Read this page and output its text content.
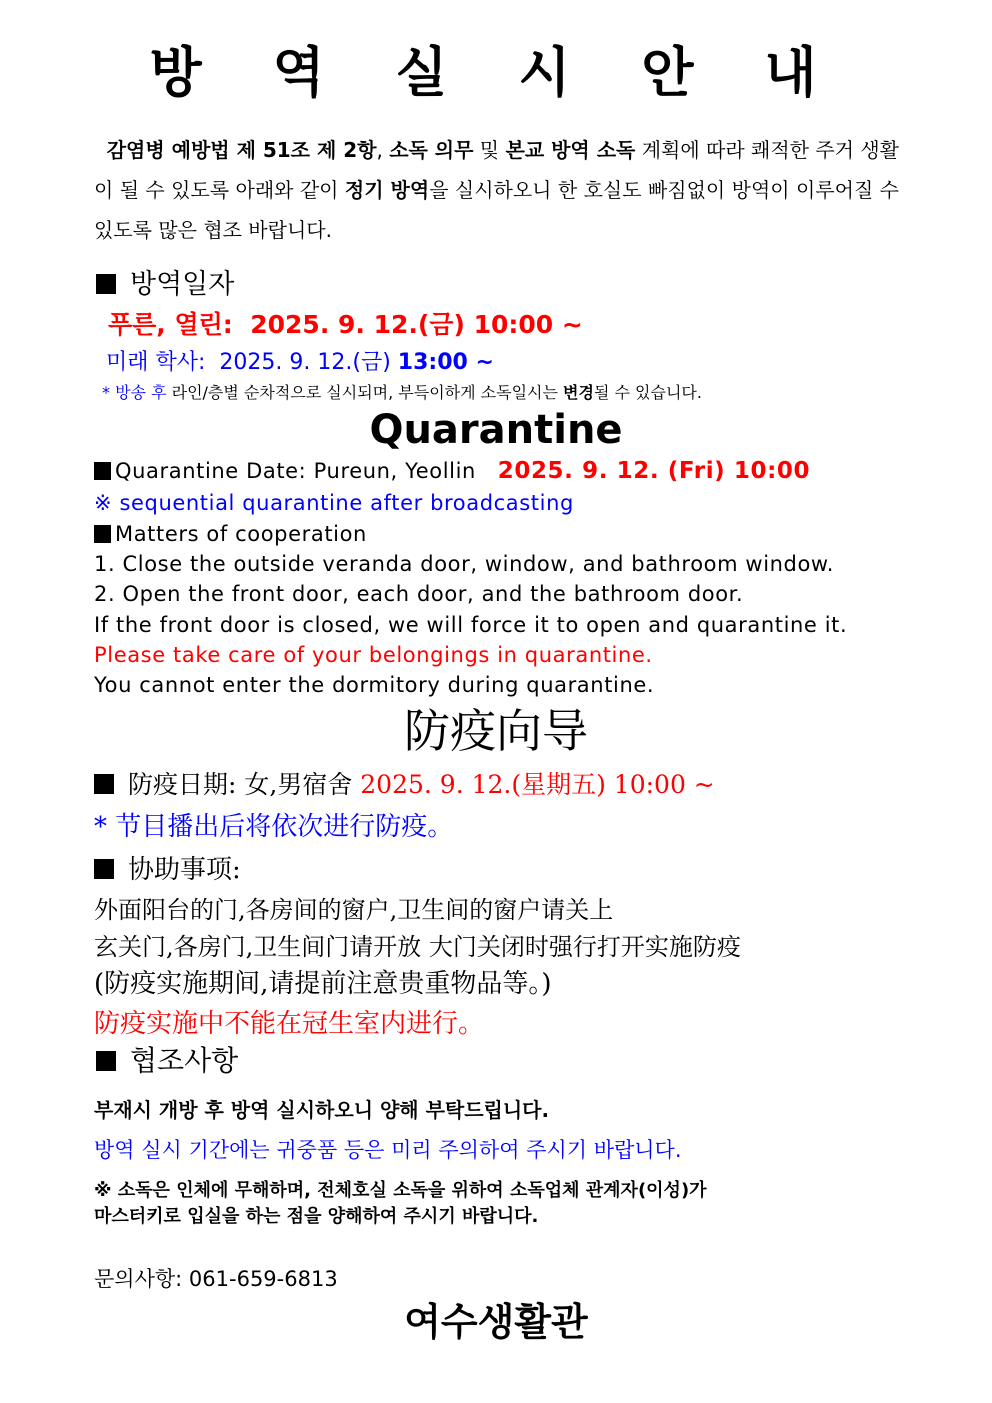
방 역 실 시 안 내
감염병 예방법 제 51조 제 2항, 소독 의무 및 본교 방역 소독 계획에 따라 쾌적한 주거 생활이 될 수 있도록 아래와 같이 정기 방역을 실시하오니 한 호실도 빠짐없이 방역이 이루어질 수 있도록 많은 협조 바랍니다.
방역일자
푸른, 열린: 2025. 9. 12.(금) 10:00 ~
미래 학사: 2025. 9. 12.(금) 13:00 ~
* 방송 후 라인/층별 순차적으로 실시되며, 부득이하게 소독일시는 변경될 수 있습니다.
Quarantine
Quarantine Date: Pureun, Yeollin 2025. 9. 12. (Fri) 10:00
※ sequential quarantine after broadcasting
Matters of cooperation
1. Close the outside veranda door, window, and bathroom window.
2. Open the front door, each door, and the bathroom door.
If the front door is closed, we will force it to open and quarantine it.
Please take care of your belongings in quarantine.
You cannot enter the dormitory during quarantine.
防疫向导
防疫日期: 女,男宿舍 2025. 9. 12.(星期五) 10:00 ~
* 节目播出后将依次进行防疫。
协助事项:
外面阳台的门,各房间的窗户,卫生间的窗户请关上
玄关门,各房门,卫生间门请开放 大门关闭时强行打开实施防疫
(防疫实施期间,请提前注意贵重物品等。)
防疫实施中不能在冠生室内进行。
협조사항
부재시 개방 후 방역 실시하오니 양해 부탁드립니다.
방역 실시 기간에는 귀중품 등은 미리 주의하여 주시기 바랍니다.
※ 소독은 인체에 무해하며, 전체호실 소독을 위하여 소독업체 관계자(이성)가
마스터키로 입실을 하는 점을 양해하여 주시기 바랍니다.
문의사항: 061-659-6813
여수생활관
